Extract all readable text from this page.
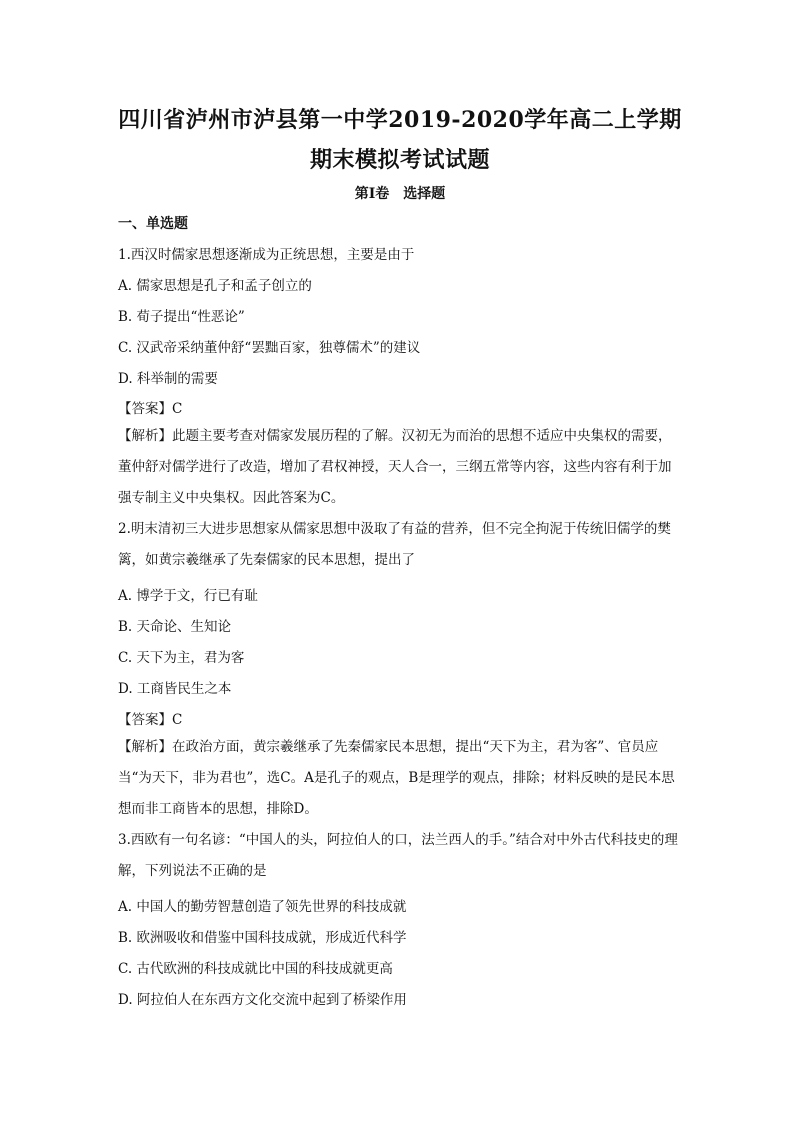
四川省泸州市泸县第一中学2019-2020学年高二上学期
期末模拟考试试题
第I卷　选择题
一、单选题
1.西汉时儒家思想逐渐成为正统思想，主要是由于
A. 儒家思想是孔子和孟子创立的
B. 荀子提出“性恶论”
C. 汉武帝采纳董仲舒“罢黜百家，独尊儒术”的建议
D. 科举制的需要
【答案】C
【解析】此题主要考查对儒家发展历程的了解。汉初无为而治的思想不适应中央集权的需要，董仲舒对儒学进行了改造，增加了君权神授，天人合一，三纲五常等内容，这些内容有利于加强专制主义中央集权。因此答案为C。
2.明末清初三大进步思想家从儒家思想中汲取了有益的营养，但不完全拘泥于传统旧儒学的樊篱，如黄宗羲继承了先秦儒家的民本思想，提出了
A. 博学于文，行已有耻
B. 天命论、生知论
C. 天下为主，君为客
D. 工商皆民生之本
【答案】C
【解析】在政治方面，黄宗羲继承了先秦儒家民本思想，提出“天下为主，君为客”、官员应当“为天下，非为君也”，选C。A是孔子的观点，B是理学的观点，排除；材料反映的是民本思想而非工商皆本的思想，排除D。
3.西欧有一句名谚：“中国人的头，阿拉伯人的口，法兰西人的手。”结合对中外古代科技史的理解，下列说法不正确的是
A. 中国人的勤劳智慧创造了领先世界的科技成就
B. 欧洲吸收和借鉴中国科技成就，形成近代科学
C. 古代欧洲的科技成就比中国的科技成就更高
D. 阿拉伯人在东西方文化交流中起到了桥梁作用
